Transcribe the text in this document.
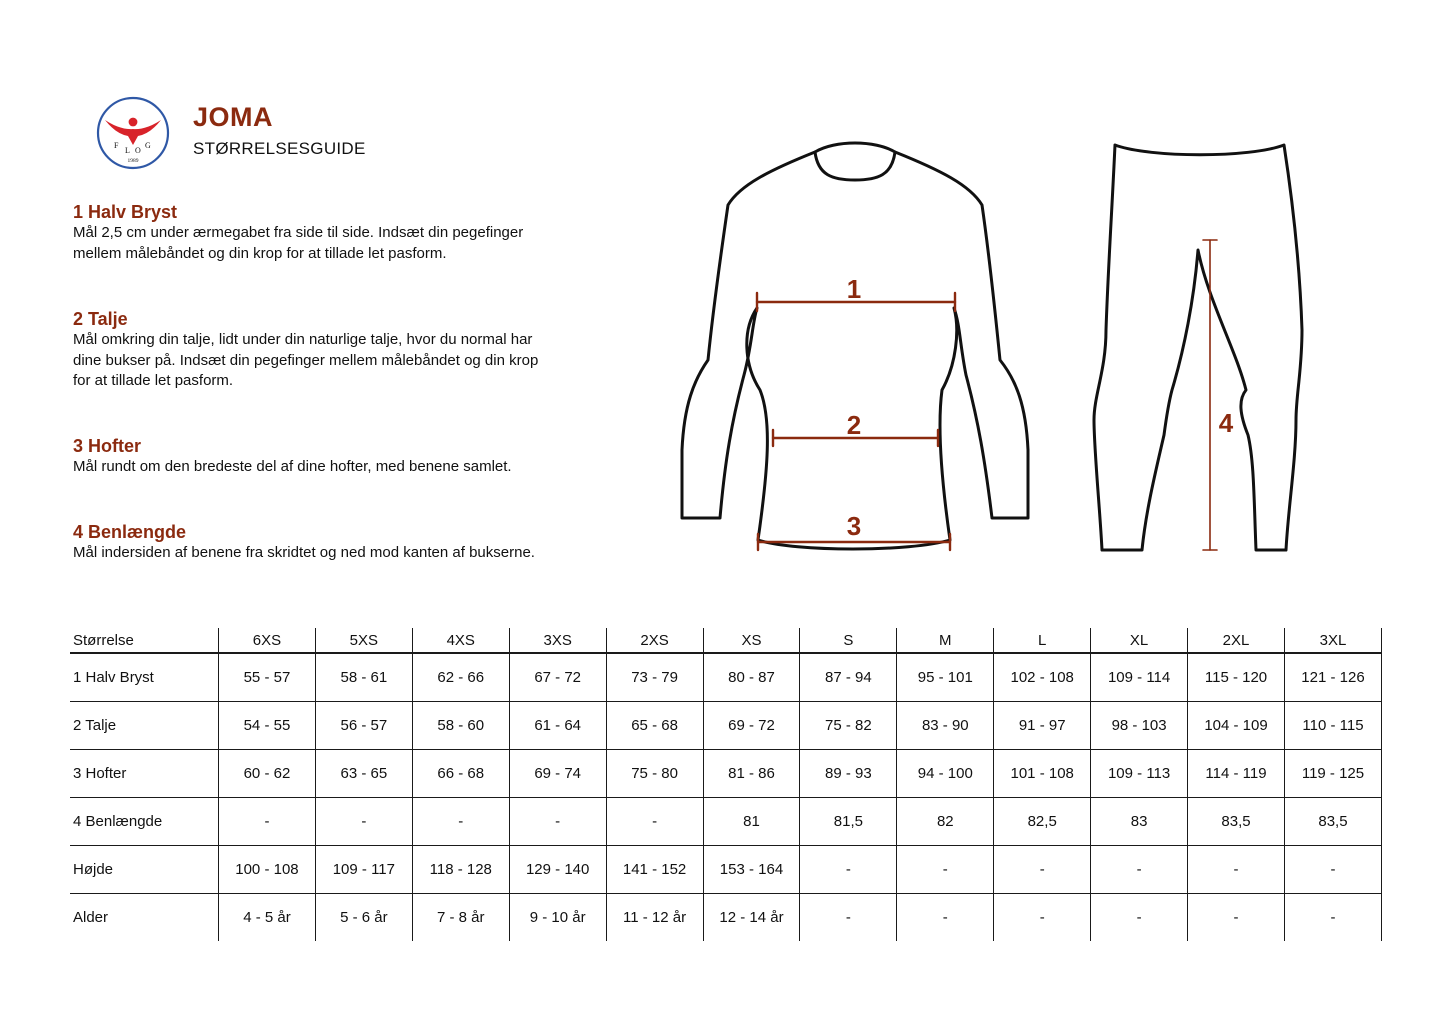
F
L O
G
1989
JOMA
STØRRELSESGUIDE
1 Halv Bryst

Mål 2,5 cm under ærmegabet fra side til side. Indsæt din pegefinger

mellem målebåndet og din krop for at tillade let pasform.

2 Talje

Mål omkring din talje, lidt under din naturlige talje, hvor du normal har

dine bukser på. Indsæt din pegefinger mellem målebåndet og din krop

for at tillade let pasform.

3 Hofter

Mål rundt om den bredeste del af dine hofter, med benene samlet.

4 Benlængde

Mål indersiden af benene fra skridtet og ned mod kanten af bukserne.

1
2
3
4
Størrelse	6XS	5XS	4XS	3XS	2XS	XS	S	M	L	XL	2XL	3XL
1 Halv Bryst	55 - 57	58 - 61	62 - 66	67 - 72	73 - 79	80 - 87	87 - 94	95 - 101	102 - 108	109 - 114	115 - 120	121 - 126
2 Talje	54 - 55	56 - 57	58 - 60	61 - 64	65 - 68	69 - 72	75 - 82	83 - 90	91 - 97	98 - 103	104 - 109	110 - 115
3 Hofter	60 - 62	63 - 65	66 - 68	69 - 74	75 - 80	81 - 86	89 - 93	94 - 100	101 - 108	109 - 113	114 - 119	119 - 125
4 Benlængde	-	-	-	-	-	81	81,5	82	82,5	83	83,5	83,5
Højde	100 - 108	109 - 117	118 - 128	129 - 140	141 - 152	153 - 164	-	-	-	-	-	-
Alder	4 - 5 år	5 - 6 år	7 - 8 år	9 - 10 år	11 - 12 år	12 - 14 år	-	-	-	-	-	-
